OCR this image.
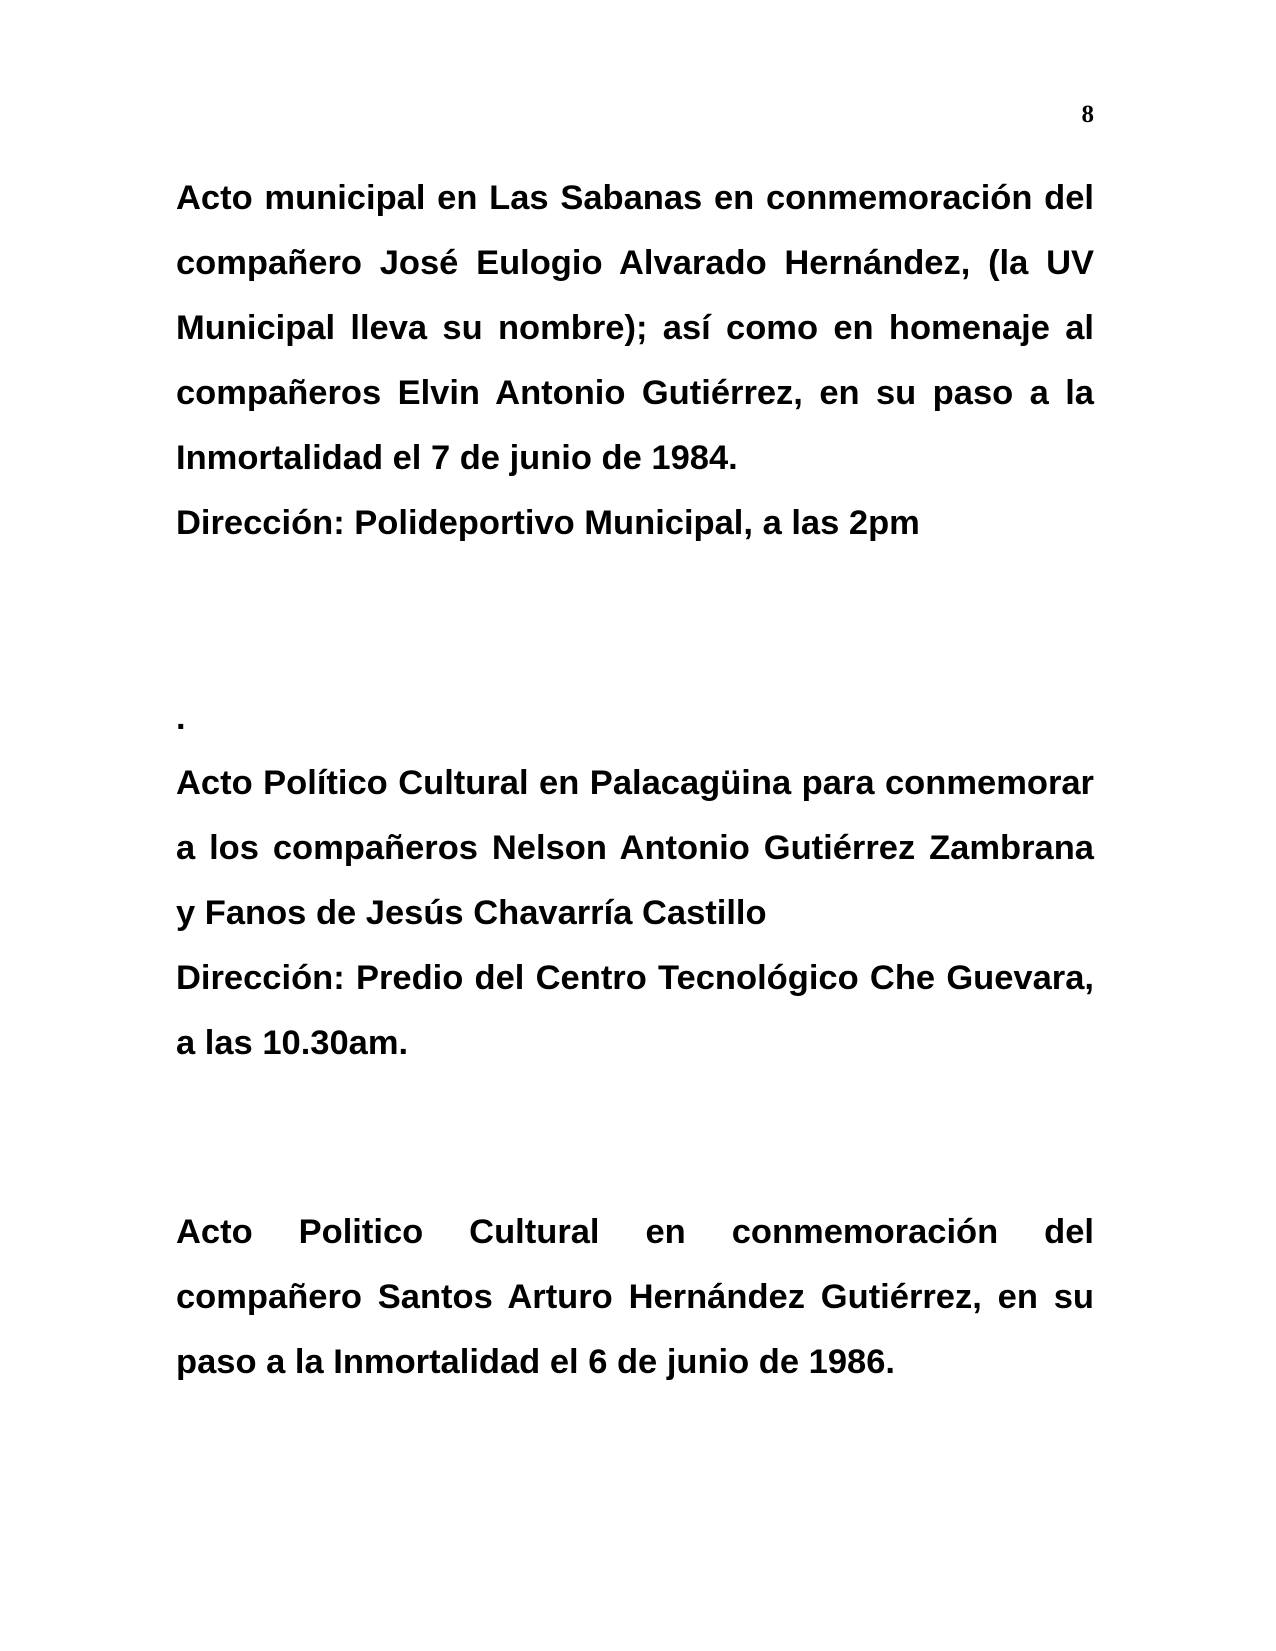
8

Acto municipal en Las Sabanas en conmemoración del compañero José Eulogio Alvarado Hernández, (la UV Municipal lleva su nombre); así como en homenaje al compañeros Elvin Antonio Gutiérrez, en su paso a la Inmortalidad el 7 de junio de 1984.

Dirección: Polideportivo Municipal, a las 2pm

.

Acto Político Cultural en Palacagüina para conmemorar a los compañeros Nelson Antonio Gutiérrez Zambrana y Fanos de Jesús Chavarría Castillo

Dirección: Predio del Centro Tecnológico Che Guevara, a las 10.30am.

Acto Politico Cultural en conmemoración del compañero Santos Arturo Hernández Gutiérrez, en su paso a la Inmortalidad el 6 de junio de 1986.
